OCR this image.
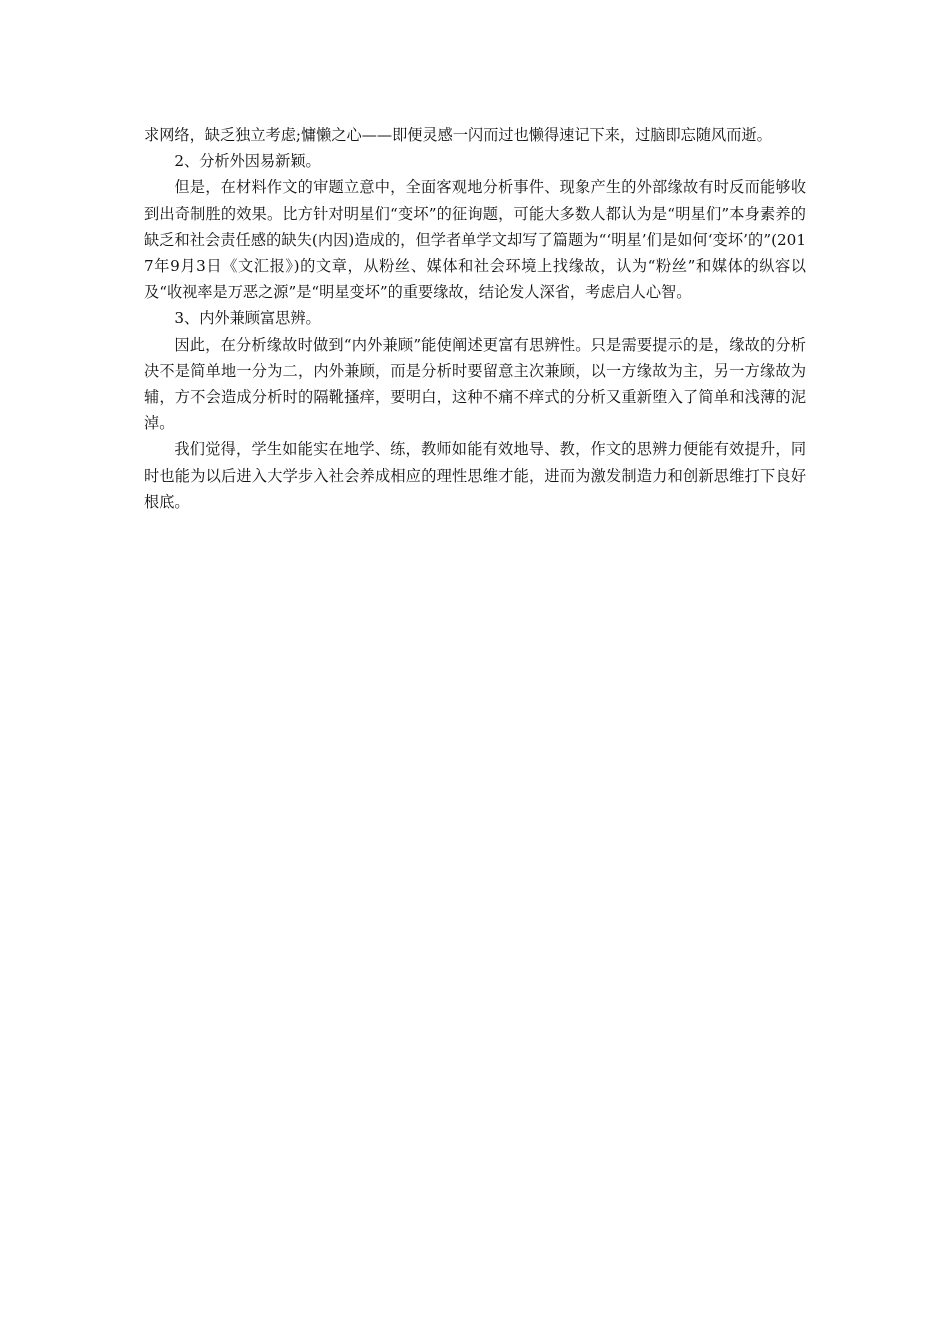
求网络，缺乏独立考虑;慵懒之心——即便灵感一闪而过也懒得速记下来，过脑即忘随风而逝。

2、分析外因易新颖。

但是，在材料作文的审题立意中，全面客观地分析事件、现象产生的外部缘故有时反而能够收到出奇制胜的效果。比方针对明星们“变坏”的征询题，可能大多数人都认为是“明星们”本身素养的缺乏和社会责任感的缺失(内因)造成的，但学者单学文却写了篇题为“‘明星’们是如何‘变坏’的”(2017年9月3日《文汇报》)的文章，从粉丝、媒体和社会环境上找缘故，认为“粉丝”和媒体的纵容以及“收视率是万恶之源”是“明星变坏”的重要缘故，结论发人深省，考虑启人心智。

3、内外兼顾富思辨。

因此，在分析缘故时做到“内外兼顾”能使阐述更富有思辨性。只是需要提示的是，缘故的分析决不是简单地一分为二，内外兼顾，而是分析时要留意主次兼顾，以一方缘故为主，另一方缘故为辅，方不会造成分析时的隔靴搔痒，要明白，这种不痛不痒式的分析又重新堕入了简单和浅薄的泥淖。

我们觉得，学生如能实在地学、练，教师如能有效地导、教，作文的思辨力便能有效提升，同时也能为以后进入大学步入社会养成相应的理性思维才能，进而为激发制造力和创新思维打下良好根底。
